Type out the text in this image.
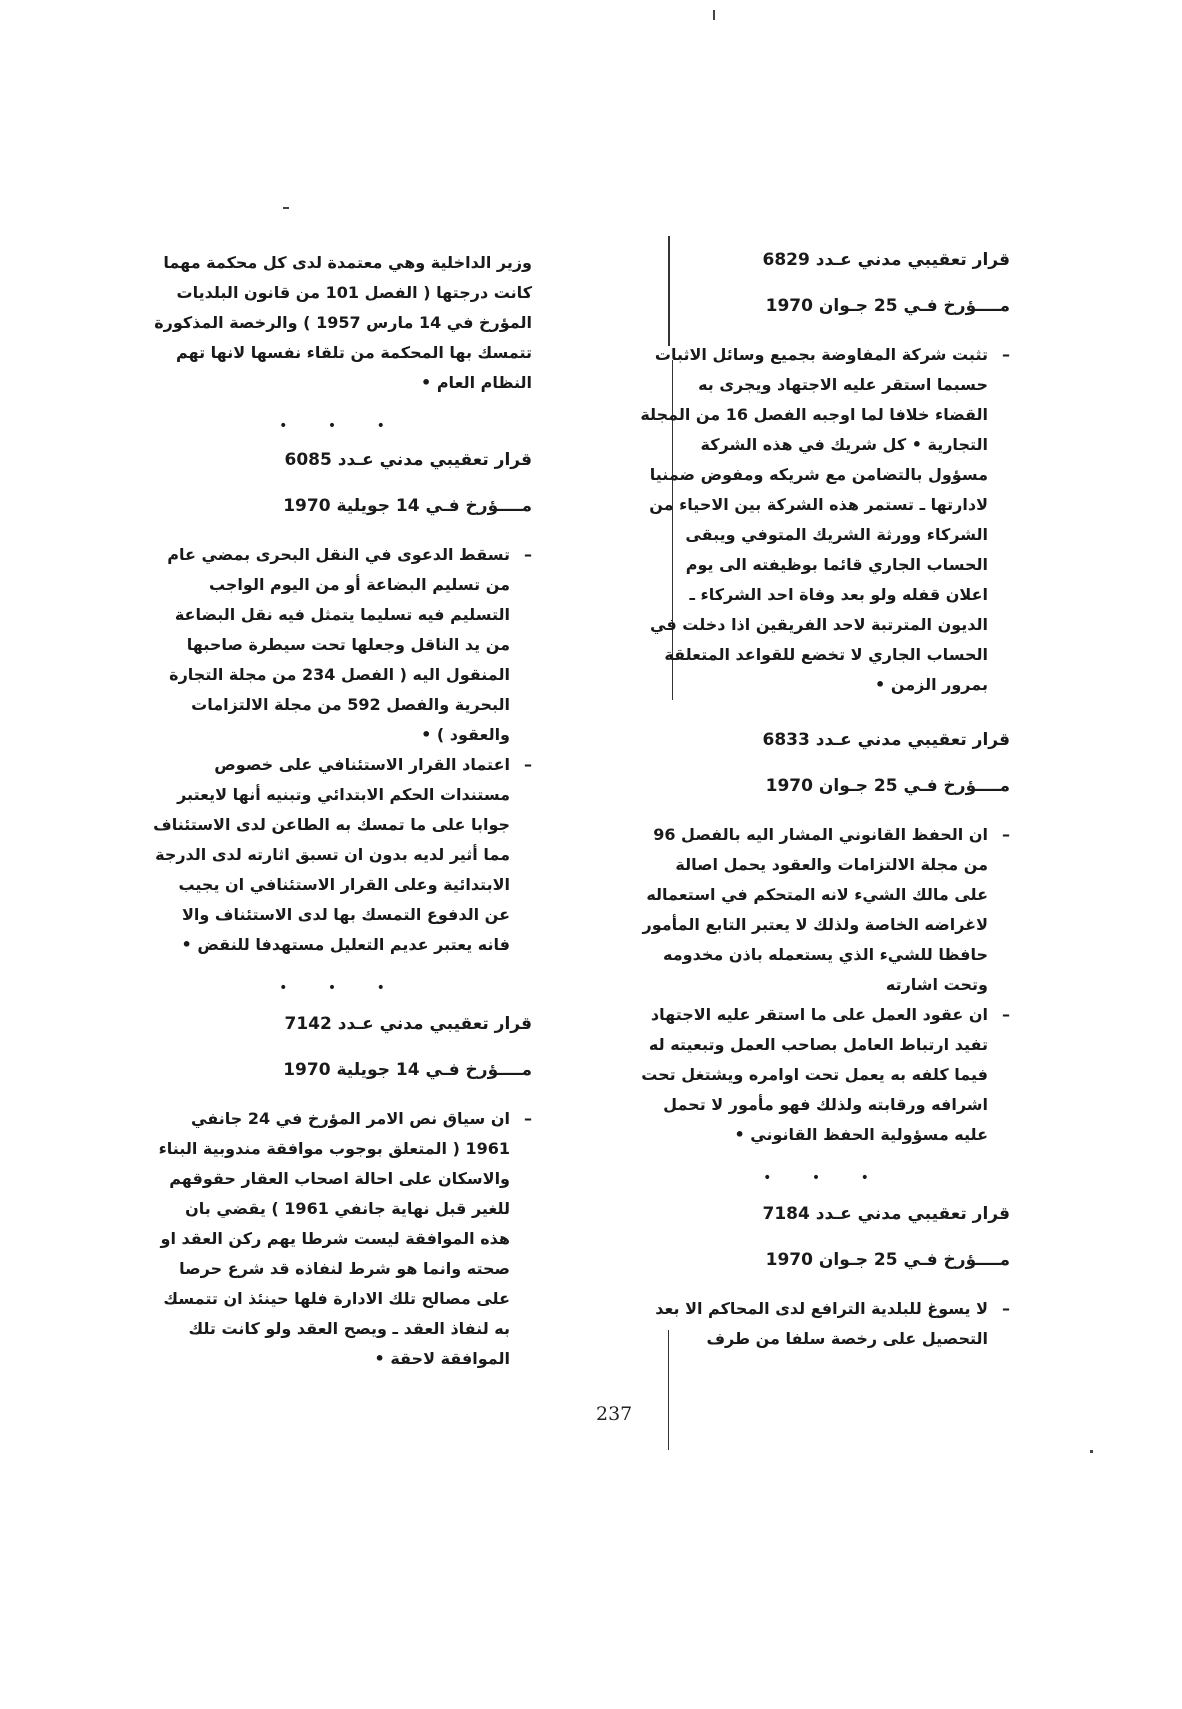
قرار تعقيبي مدني عـدد 6829
مــــؤرخ فـي 25 جـوان 1970
– تثبت شركة المفاوضة بجميع وسائل الاثبات حسبما استقر عليه الاجتهاد ويجرى به القضاء خلافا لما اوجبه الفصل 16 من المجلة التجارية • كل شريك في هذه الشركة مسؤول بالتضامن مع شريكه ومفوض ضمنيا لادارتها ـ تستمر هذه الشركة بين الاحياء من الشركاء وورثة الشريك المتوفي ويبقى الحساب الجاري قائما بوظيفته الى يوم اعلان قفله ولو بعد وفاة احد الشركاء ـ الديون المترتبة لاحد الفريقين اذا دخلت في الحساب الجاري لا تخضع للقواعد المتعلقة بمرور الزمن •
قرار تعقيبي مدني عـدد 6833
مــــؤرخ فـي 25 جـوان 1970
– ان الحفظ القانوني المشار اليه بالفصل 96 من مجلة الالتزامات والعقود يحمل اصالة على مالك الشيء لانه المتحكم في استعماله لاغراضه الخاصة ولذلك لا يعتبر التابع المأمور حافظا للشيء الذي يستعمله باذن مخدومه وتحت اشارته
– ان عقود العمل على ما استقر عليه الاجتهاد تفيد ارتباط العامل بصاحب العمل وتبعيته له فيما كلفه به يعمل تحت اوامره ويشتغل تحت اشرافه ورقابته ولذلك فهو مأمور لا تحمل عليه مسؤولية الحفظ القانوني •
• • •
قرار تعقيبي مدني عـدد 7184
مــــؤرخ فـي 25 جـوان 1970
– لا يسوغ للبلدية الترافع لدى المحاكم الا بعد التحصيل على رخصة سلفا من طرف

وزير الداخلية وهي معتمدة لدى كل محكمة مهما كانت درجتها ( الفصل 101 من قانون البلديات المؤرخ في 14 مارس 1957 ) والرخصة المذكورة تتمسك بها المحكمة من تلقاء نفسها لانها تهم النظام العام •

• • •
قرار تعقيبي مدني عـدد 6085
مــــؤرخ فـي 14 جويلية 1970
– تسقط الدعوى في النقل البحرى بمضي عام من تسليم البضاعة أو من اليوم الواجب التسليم فيه تسليما يتمثل فيه نقل البضاعة من يد الناقل وجعلها تحت سيطرة صاحبها المنقول اليه ( الفصل 234 من مجلة التجارة البحرية والفصل 592 من مجلة الالتزامات والعقود ) •
– اعتماد القرار الاستئنافي على خصوص مستندات الحكم الابتدائي وتبنيه أنها لايعتبر جوابا على ما تمسك به الطاعن لدى الاستئناف مما أثير لديه بدون ان تسبق اثارته لدى الدرجة الابتدائية وعلى القرار الاستئنافي ان يجيب عن الدفوع التمسك بها لدى الاستئناف والا فانه يعتبر عديم التعليل مستهدفا للنقض •
• • •
قرار تعقيبي مدني عـدد 7142
مــــؤرخ فـي 14 جويلية 1970
– ان سياق نص الامر المؤرخ في 24 جانفي 1961 ( المتعلق بوجوب موافقة مندوبية البناء والاسكان على احالة اصحاب العقار حقوقهم للغير قبل نهاية جانفي 1961 ) يقضي بان هذه الموافقة ليست شرطا يهم ركن العقد او صحته وانما هو شرط لنفاذه قد شرع حرصا على مصالح تلك الادارة فلها حينئذ ان تتمسك به لنفاذ العقد ـ ويصح العقد ولو كانت تلك الموافقة لاحقة •
237
